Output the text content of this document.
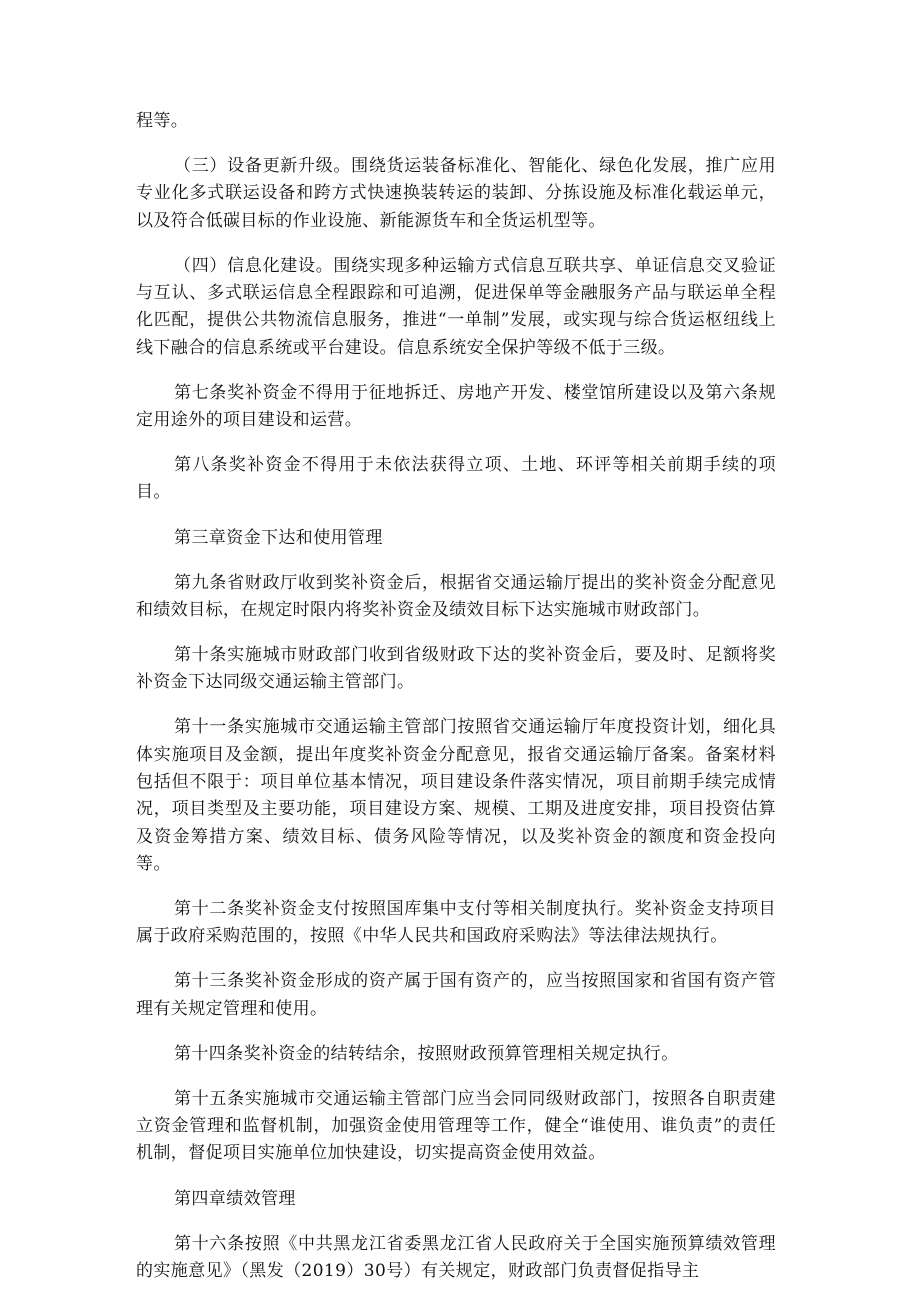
程等。

（三）设备更新升级。围绕货运装备标准化、智能化、绿色化发展，推广应用专业化多式联运设备和跨方式快速换装转运的装卸、分拣设施及标准化载运单元，以及符合低碳目标的作业设施、新能源货车和全货运机型等。

（四）信息化建设。围绕实现多种运输方式信息互联共享、单证信息交叉验证与互认、多式联运信息全程跟踪和可追溯，促进保单等金融服务产品与联运单全程化匹配，提供公共物流信息服务，推进“一单制”发展，或实现与综合货运枢纽线上线下融合的信息系统或平台建设。信息系统安全保护等级不低于三级。

第七条奖补资金不得用于征地拆迁、房地产开发、楼堂馆所建设以及第六条规定用途外的项目建设和运营。

第八条奖补资金不得用于未依法获得立项、土地、环评等相关前期手续的项目。

第三章资金下达和使用管理

第九条省财政厅收到奖补资金后，根据省交通运输厅提出的奖补资金分配意见和绩效目标，在规定时限内将奖补资金及绩效目标下达实施城市财政部门。

第十条实施城市财政部门收到省级财政下达的奖补资金后，要及时、足额将奖补资金下达同级交通运输主管部门。

第十一条实施城市交通运输主管部门按照省交通运输厅年度投资计划，细化具体实施项目及金额，提出年度奖补资金分配意见，报省交通运输厅备案。备案材料包括但不限于：项目单位基本情况，项目建设条件落实情况，项目前期手续完成情况，项目类型及主要功能，项目建设方案、规模、工期及进度安排，项目投资估算及资金筹措方案、绩效目标、债务风险等情况，以及奖补资金的额度和资金投向等。

第十二条奖补资金支付按照国库集中支付等相关制度执行。奖补资金支持项目属于政府采购范围的，按照《中华人民共和国政府采购法》等法律法规执行。

第十三条奖补资金形成的资产属于国有资产的，应当按照国家和省国有资产管理有关规定管理和使用。

第十四条奖补资金的结转结余，按照财政预算管理相关规定执行。

第十五条实施城市交通运输主管部门应当会同同级财政部门，按照各自职责建立资金管理和监督机制，加强资金使用管理等工作，健全“谁使用、谁负责”的责任机制，督促项目实施单位加快建设，切实提高资金使用效益。

第四章绩效管理

第十六条按照《中共黑龙江省委黑龙江省人民政府关于全国实施预算绩效管理的实施意见》（黑发（2019）30号）有关规定，财政部门负责督促指导主
